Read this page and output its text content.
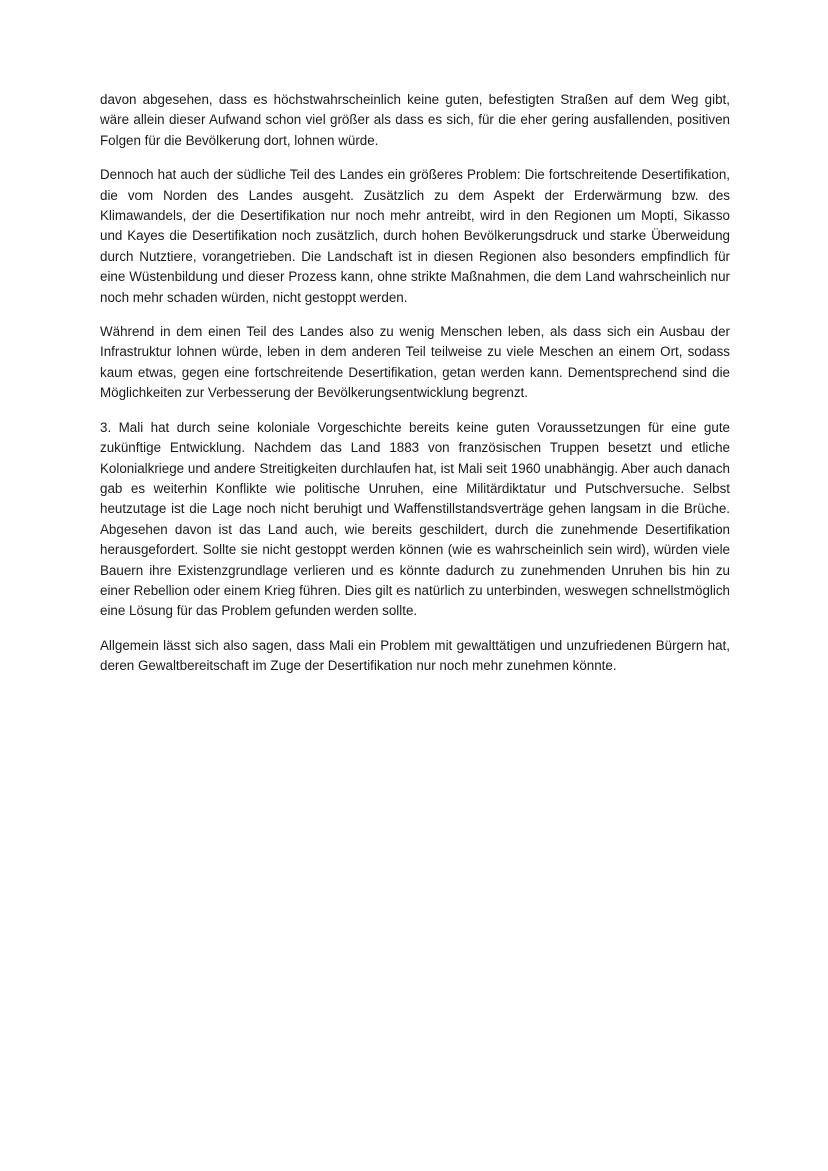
davon abgesehen, dass es höchstwahrscheinlich keine guten, befestigten Straßen auf dem Weg gibt, wäre allein dieser Aufwand schon viel größer als dass es sich, für die eher gering ausfallenden, positiven Folgen für die Bevölkerung dort, lohnen würde.

Dennoch hat auch der südliche Teil des Landes ein größeres Problem: Die fortschreitende Desertifikation, die vom Norden des Landes ausgeht. Zusätzlich zu dem Aspekt der Erderwärmung bzw. des Klimawandels, der die Desertifikation nur noch mehr antreibt, wird in den Regionen um Mopti, Sikasso und Kayes die Desertifikation noch zusätzlich, durch hohen Bevölkerungsdruck und starke Überweidung durch Nutztiere, vorangetrieben. Die Landschaft ist in diesen Regionen also besonders empfindlich für eine Wüstenbildung und dieser Prozess kann, ohne strikte Maßnahmen, die dem Land wahrscheinlich nur noch mehr schaden würden, nicht gestoppt werden.

Während in dem einen Teil des Landes also zu wenig Menschen leben, als dass sich ein Ausbau der Infrastruktur lohnen würde, leben in dem anderen Teil teilweise zu viele Meschen an einem Ort, sodass kaum etwas, gegen eine fortschreitende Desertifikation, getan werden kann. Dementsprechend sind die Möglichkeiten zur Verbesserung der Bevölkerungsentwicklung begrenzt.

3. Mali hat durch seine koloniale Vorgeschichte bereits keine guten Voraussetzungen für eine gute zukünftige Entwicklung. Nachdem das Land 1883 von französischen Truppen besetzt und etliche Kolonialkriege und andere Streitigkeiten durchlaufen hat, ist Mali seit 1960 unabhängig. Aber auch danach gab es weiterhin Konflikte wie politische Unruhen, eine Militärdiktatur und Putschversuche. Selbst heutzutage ist die Lage noch nicht beruhigt und Waffenstillstandsverträge gehen langsam in die Brüche. Abgesehen davon ist das Land auch, wie bereits geschildert, durch die zunehmende Desertifikation herausgefordert. Sollte sie nicht gestoppt werden können (wie es wahrscheinlich sein wird), würden viele Bauern ihre Existenzgrundlage verlieren und es könnte dadurch zu zunehmenden Unruhen bis hin zu einer Rebellion oder einem Krieg führen. Dies gilt es natürlich zu unterbinden, weswegen schnellstmöglich eine Lösung für das Problem gefunden werden sollte.

Allgemein lässt sich also sagen, dass Mali ein Problem mit gewalttätigen und unzufriedenen Bürgern hat, deren Gewaltbereitschaft im Zuge der Desertifikation nur noch mehr zunehmen könnte.
